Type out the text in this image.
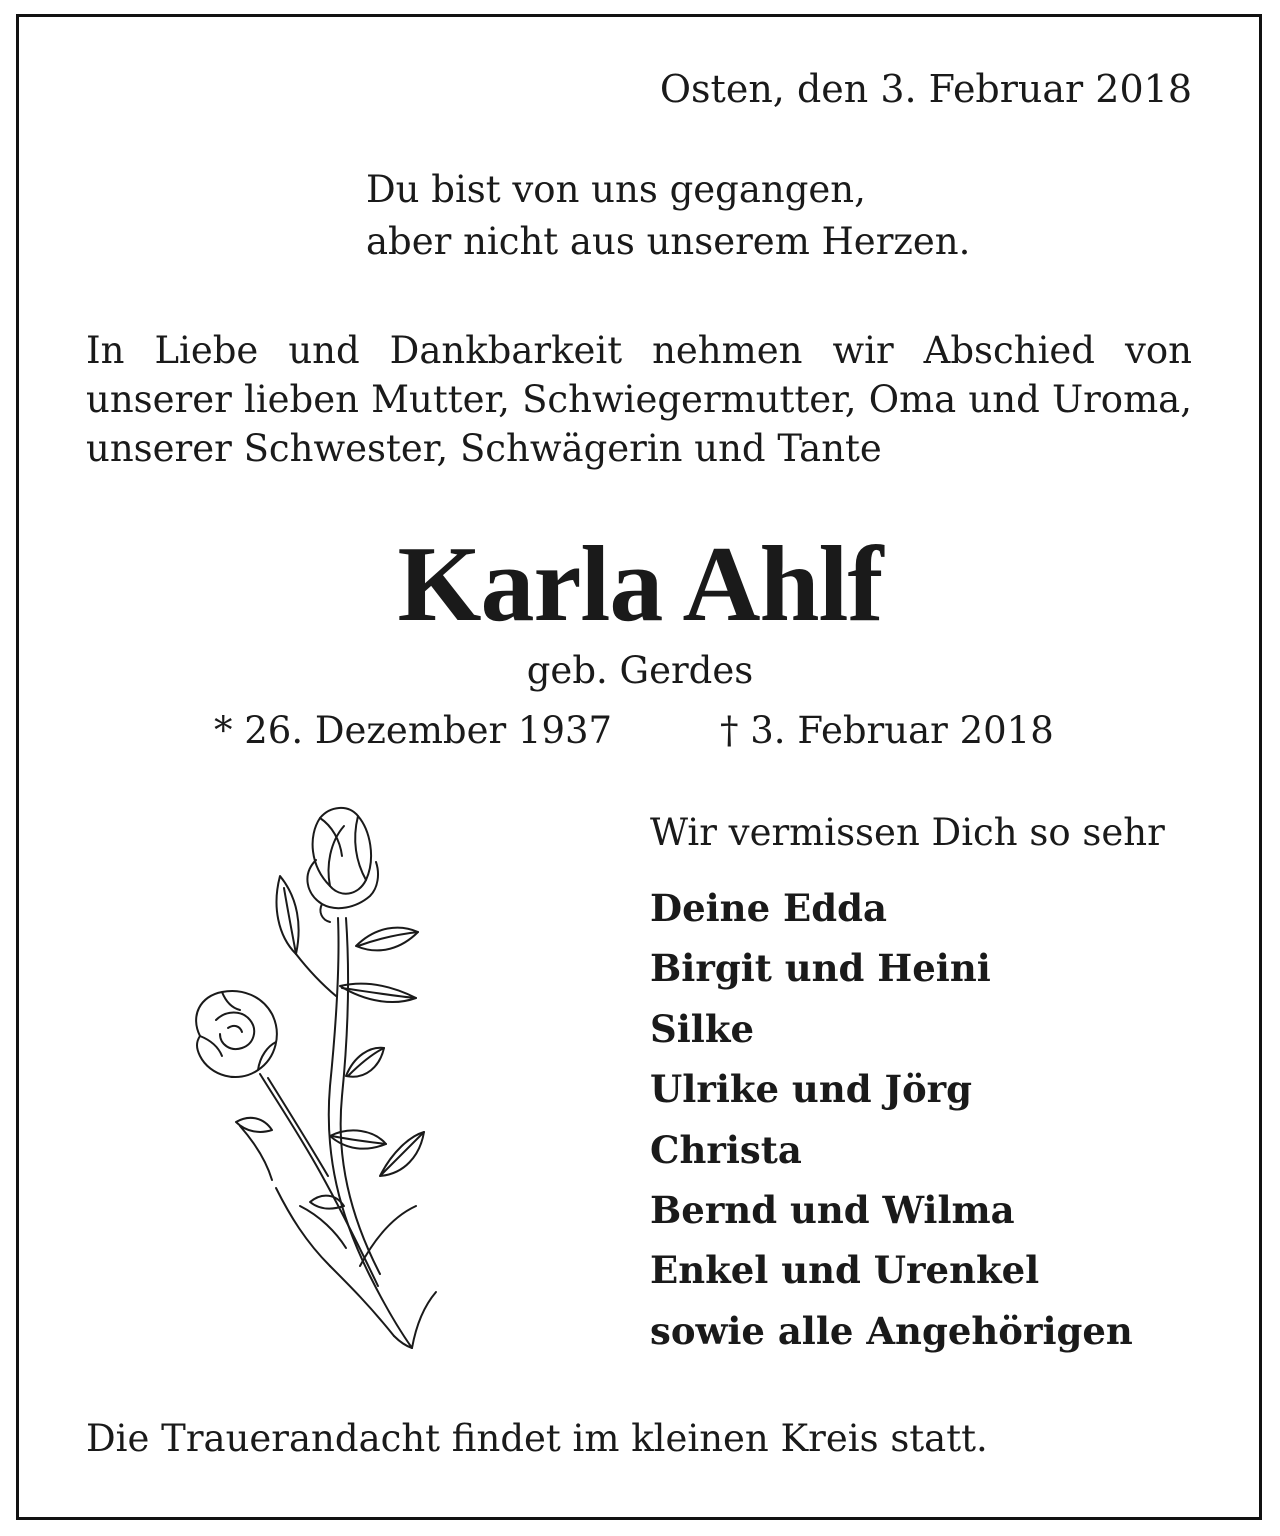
Osten, den 3. Februar 2018
Du bist von uns gegangen,
aber nicht aus unserem Herzen.
In Liebe und Dankbarkeit nehmen wir Abschied von unserer lieben Mutter, Schwiegermutter, Oma und Uroma, unserer Schwester, Schwägerin und Tante
Karla Ahlf
geb. Gerdes
* 26. Dezember 1937	† 3. Februar 2018
Wir vermissen Dich so sehr
Deine Edda
Birgit und Heini
Silke
Ulrike und Jörg
Christa
Bernd und Wilma
Enkel und Urenkel
sowie alle Angehörigen
Die Trauerandacht findet im kleinen Kreis statt.
